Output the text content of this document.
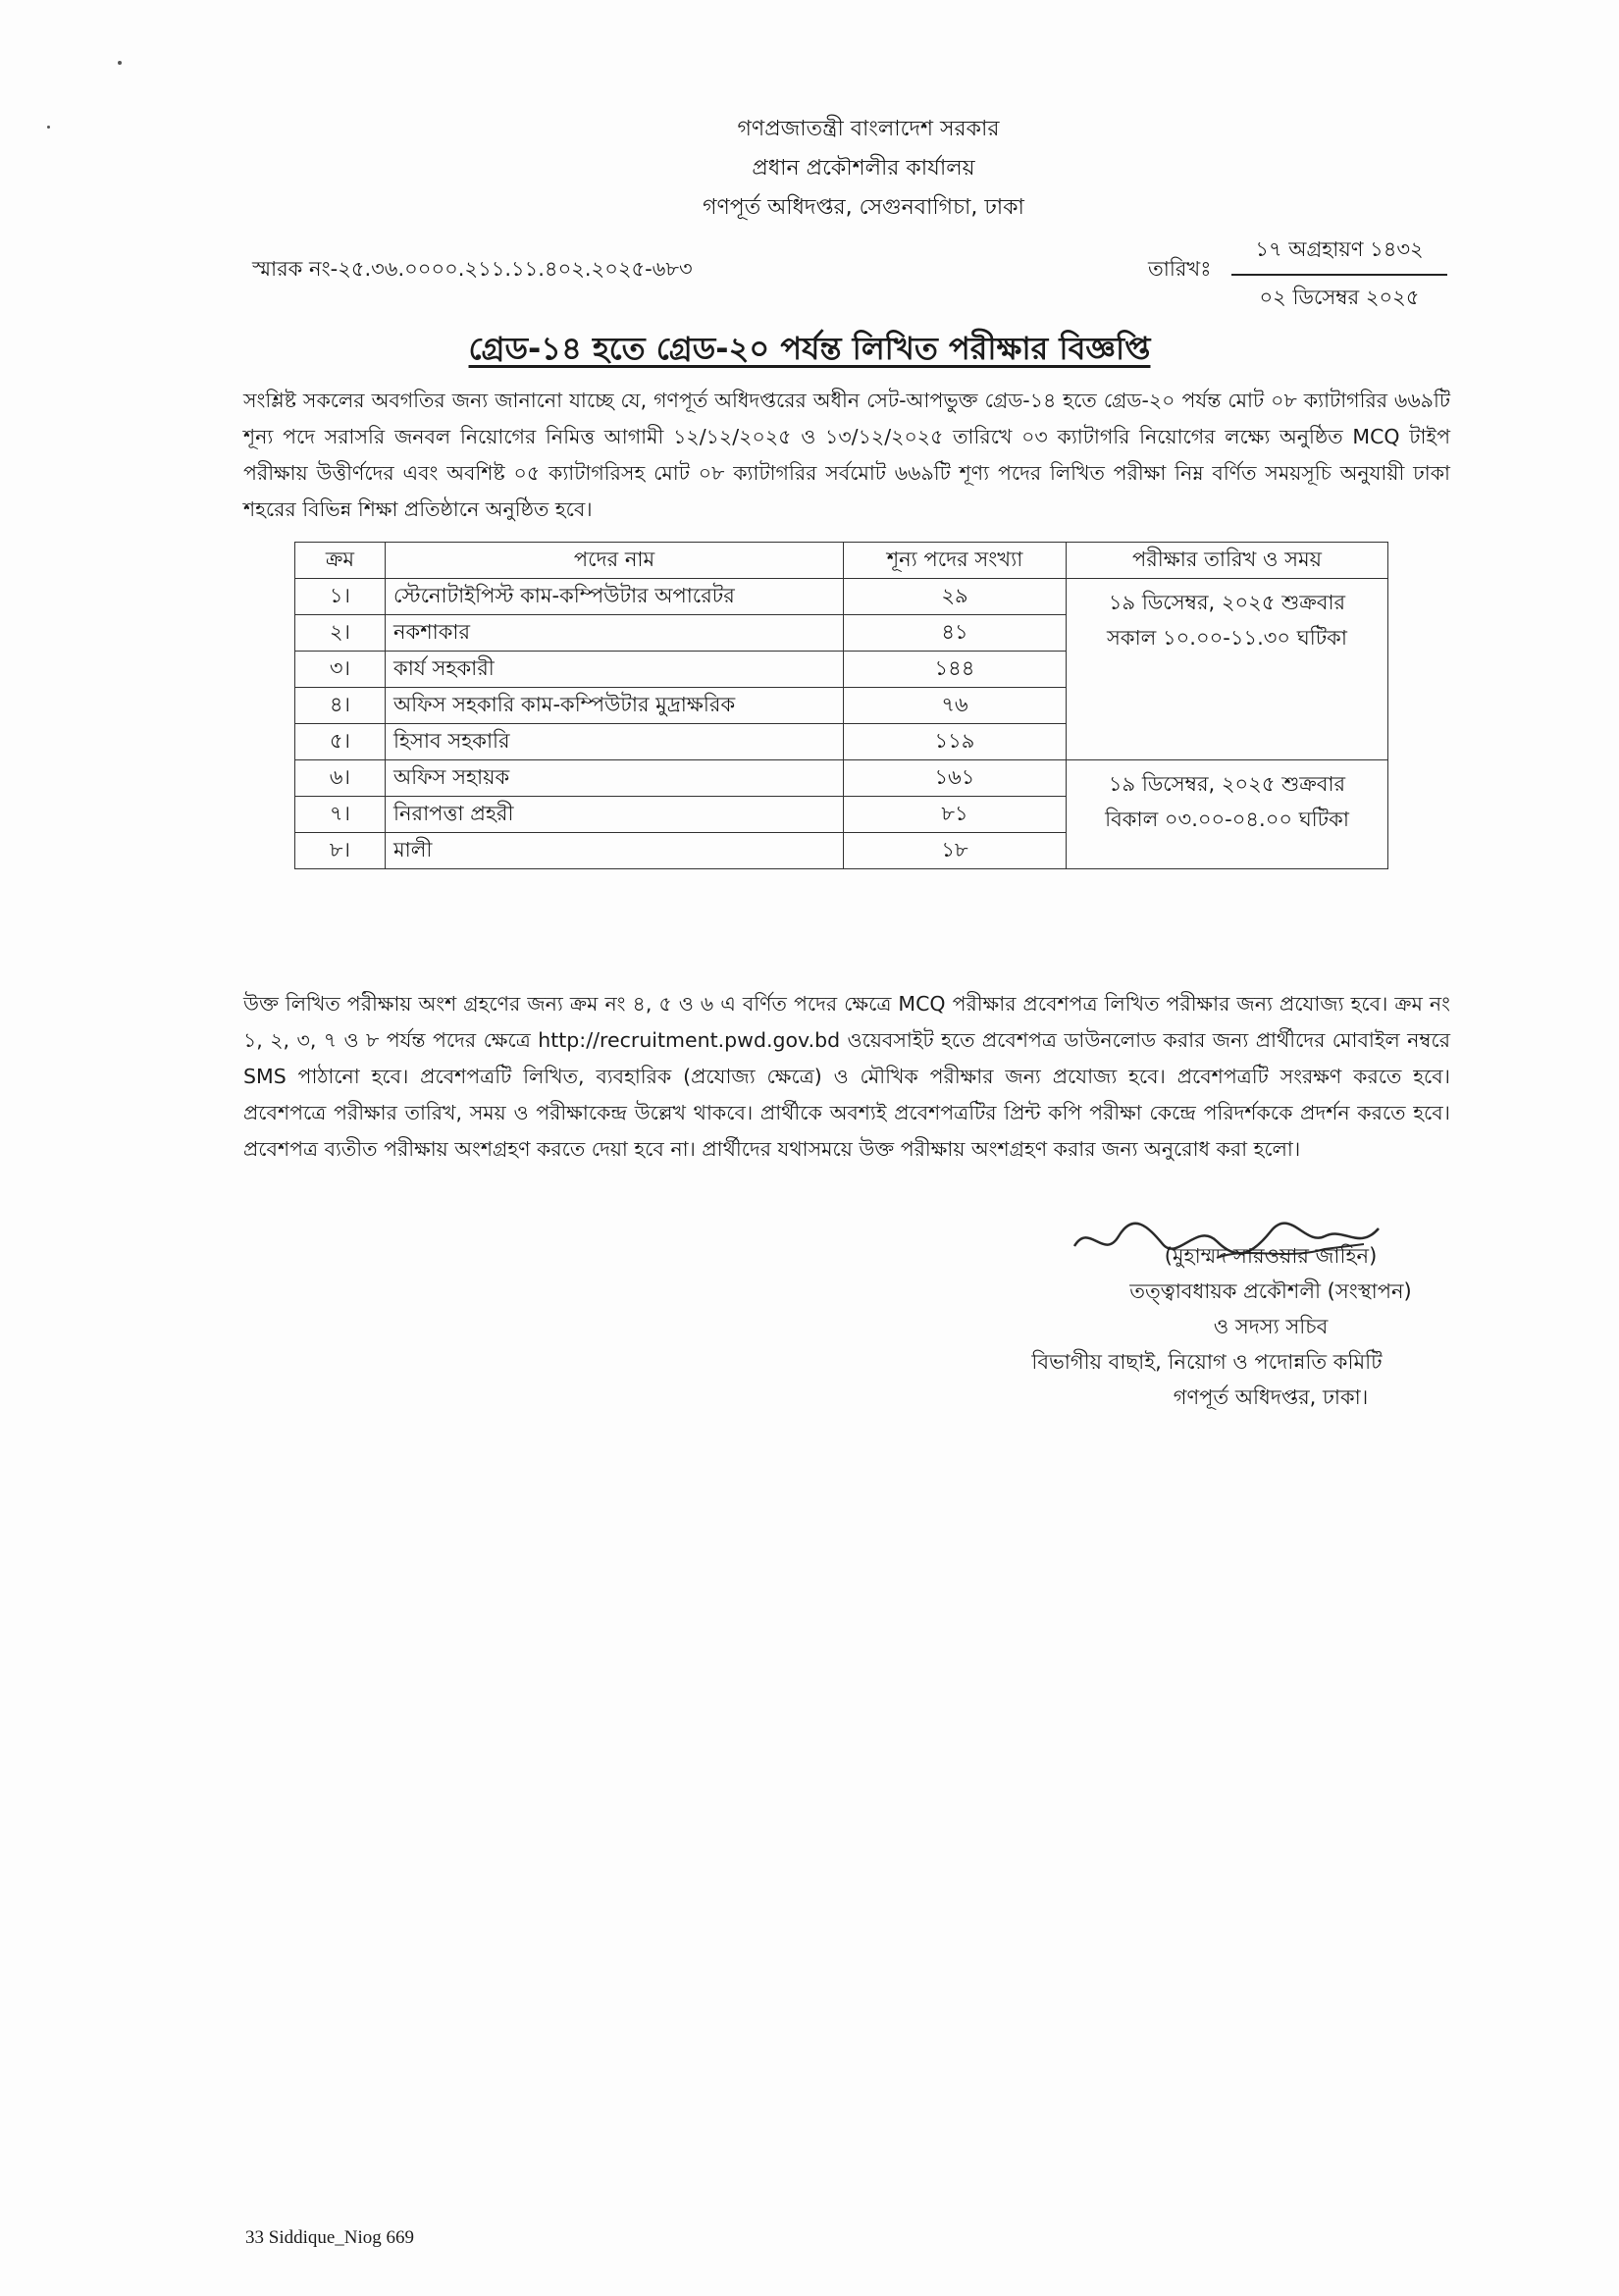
গণপ্রজাতন্ত্রী বাংলাদেশ সরকার
প্রধান প্রকৌশলীর কার্যালয়
গণপূর্ত অধিদপ্তর, সেগুনবাগিচা, ঢাকা
স্মারক নং-২৫.৩৬.০০০০.২১১.১১.৪০২.২০২৫-৬৮৩	তারিখঃ
১৭ অগ্রহায়ণ ১৪৩২
০২ ডিসেম্বর ২০২৫
গ্রেড-১৪ হতে গ্রেড-২০ পর্যন্ত লিখিত পরীক্ষার বিজ্ঞপ্তি
সংশ্লিষ্ট সকলের অবগতির জন্য জানানো যাচ্ছে যে, গণপূর্ত অধিদপ্তরের অধীন সেট-আপভুক্ত গ্রেড-১৪ হতে গ্রেড-২০ পর্যন্ত মোট ০৮ ক্যাটাগরির ৬৬৯টি শূন্য পদে সরাসরি জনবল নিয়োগের নিমিত্ত আগামী ১২/১২/২০২৫ ও ১৩/১২/২০২৫ তারিখে ০৩ ক্যাটাগরি নিয়োগের লক্ষ্যে অনুষ্ঠিত MCQ টাইপ পরীক্ষায় উত্তীর্ণদের এবং অবশিষ্ট ০৫ ক্যাটাগরিসহ মোট ০৮ ক্যাটাগরির সর্বমোট ৬৬৯টি শূণ্য পদের লিখিত পরীক্ষা নিম্ন বর্ণিত সময়সূচি অনুযায়ী ঢাকা শহরের বিভিন্ন শিক্ষা প্রতিষ্ঠানে অনুষ্ঠিত হবে।
ক্রম	পদের নাম	শূন্য পদের সংখ্যা	পরীক্ষার তারিখ ও সময়
১।	স্টেনোটাইপিস্ট কাম-কম্পিউটার অপারেটর	২৯	১৯ ডিসেম্বর, ২০২৫ শুক্রবার
সকাল ১০.০০-১১.৩০ ঘটিকা

২।	নকশাকার	৪১	
৩।	কার্য সহকারী	১৪৪	
৪।	অফিস সহকারি কাম-কম্পিউটার মুদ্রাক্ষরিক	৭৬	
৫।	হিসাব সহকারি	১১৯	
৬।	অফিস সহায়ক	১৬১	১৯ ডিসেম্বর, ২০২৫ শুক্রবার
বিকাল ০৩.০০-০৪.০০ ঘটিকা

৭।	নিরাপত্তা প্রহরী	৮১	
৮।	মালী	১৮	
উক্ত লিখিত পরীক্ষায় অংশ গ্রহণের জন্য ক্রম নং ৪, ৫ ও ৬ এ বর্ণিত পদের ক্ষেত্রে MCQ পরীক্ষার প্রবেশপত্র লিখিত পরীক্ষার জন্য প্রযোজ্য হবে। ক্রম নং ১, ২, ৩, ৭ ও ৮ পর্যন্ত পদের ক্ষেত্রে http://recruitment.pwd.gov.bd ওয়েবসাইট হতে প্রবেশপত্র ডাউনলোড করার জন্য প্রার্থীদের মোবাইল নম্বরে SMS পাঠানো হবে। প্রবেশপত্রটি লিখিত, ব্যবহারিক (প্রযোজ্য ক্ষেত্রে) ও মৌখিক পরীক্ষার জন্য প্রযোজ্য হবে। প্রবেশপত্রটি সংরক্ষণ করতে হবে। প্রবেশপত্রে পরীক্ষার তারিখ, সময় ও পরীক্ষাকেন্দ্র উল্লেখ থাকবে। প্রার্থীকে অবশ্যই প্রবেশপত্রটির প্রিন্ট কপি পরীক্ষা কেন্দ্রে পরিদর্শককে প্রদর্শন করতে হবে। প্রবেশপত্র ব্যতীত পরীক্ষায় অংশগ্রহণ করতে দেয়া হবে না। প্রার্থীদের যথাসময়ে উক্ত পরীক্ষায় অংশগ্রহণ করার জন্য অনুরোধ করা হলো।
(মুহাম্মদ সারওয়ার জাহিন)
তত্ত্বাবধায়ক প্রকৌশলী (সংস্থাপন)
ও সদস্য সচিব
বিভাগীয় বাছাই, নিয়োগ ও পদোন্নতি কমিটি
গণপূর্ত অধিদপ্তর, ঢাকা।
33 Siddique_Niog 669
